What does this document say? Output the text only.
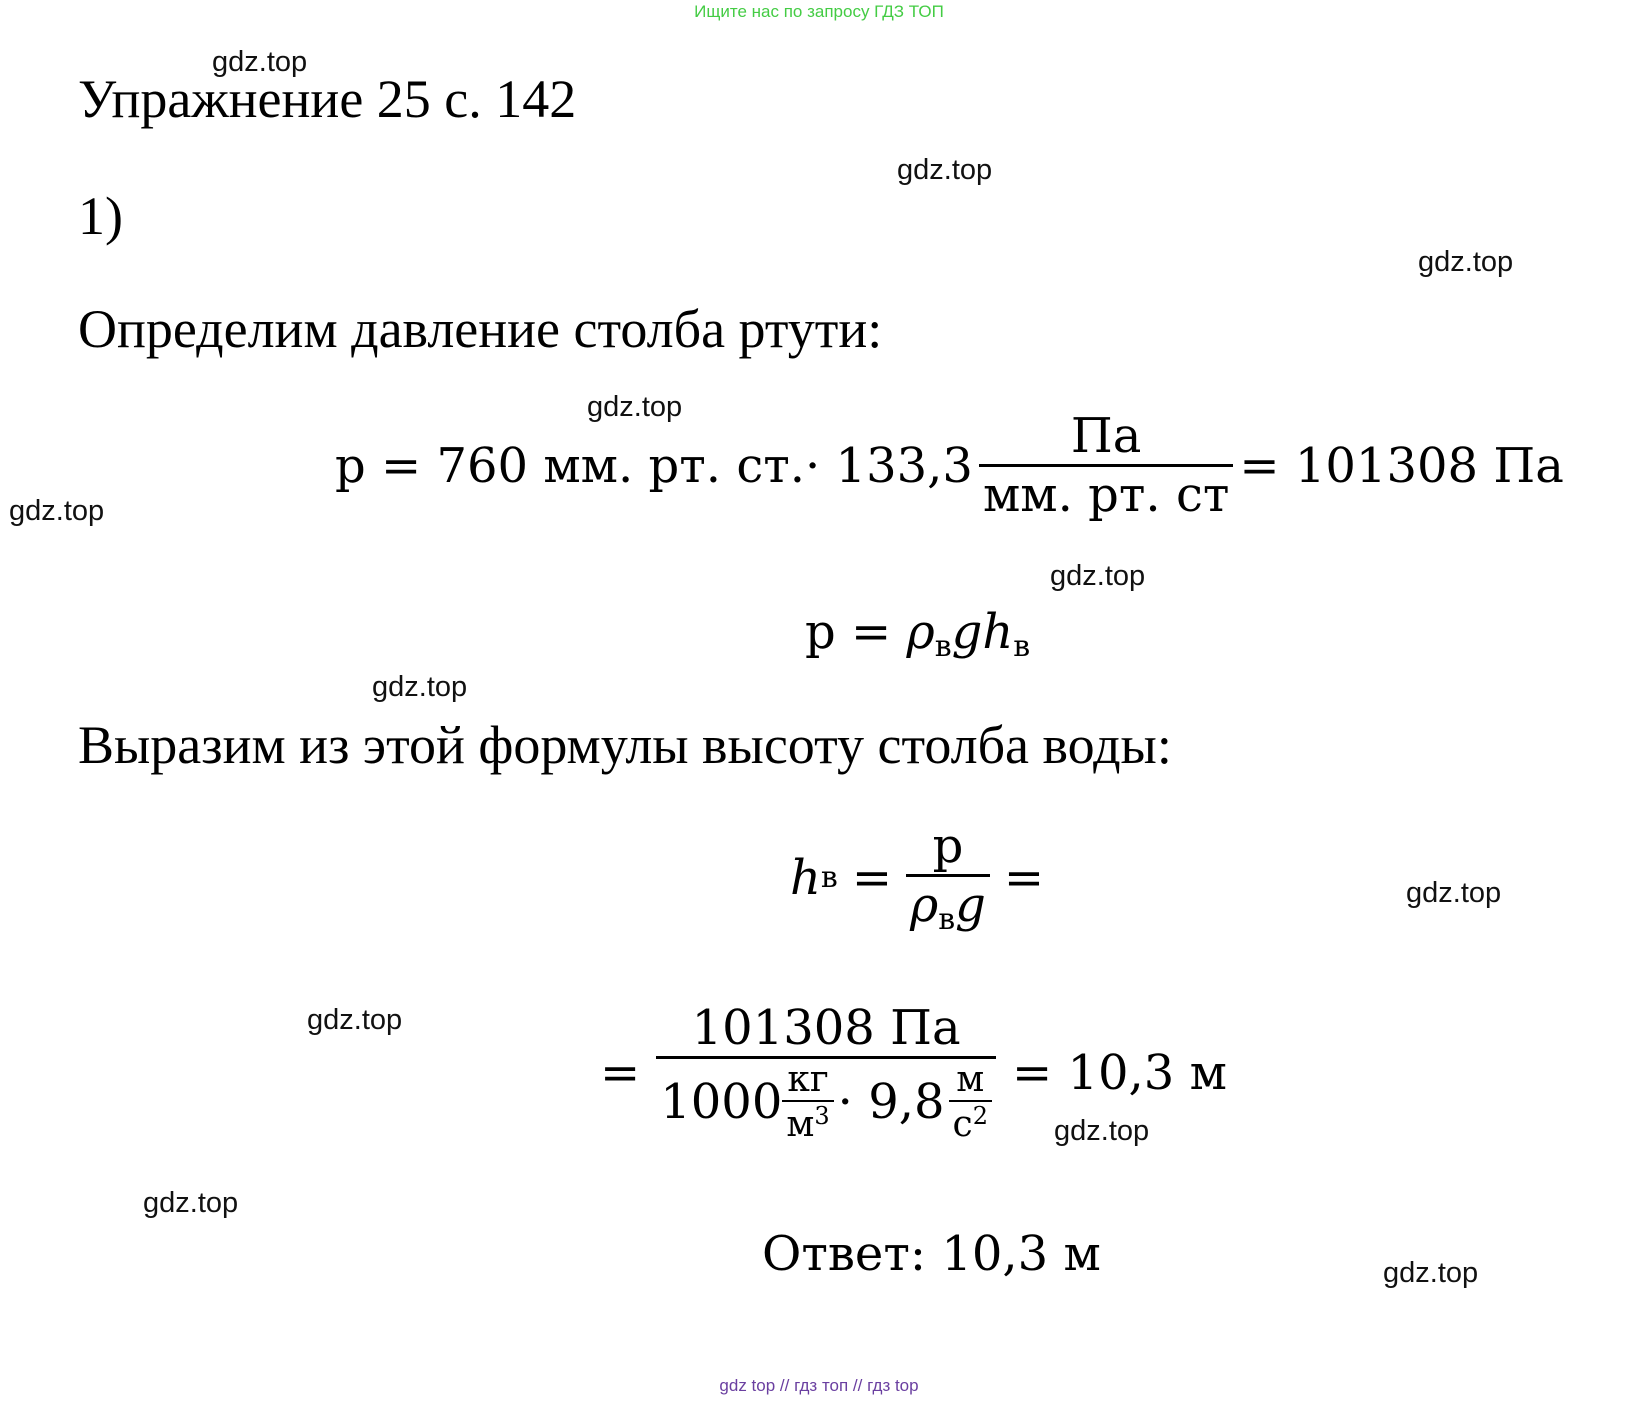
Ищите нас по запросу ГДЗ ТОП
gdz.top
gdz.top
gdz.top
gdz.top
gdz.top
gdz.top
gdz.top
gdz.top
gdz.top
gdz.top
gdz.top
gdz.top
Упражнение 25 с. 142
1)
Определим давление столба ртути:
p = 760 мм. рт. $ст.\cdot 133,3 \frac{Па}{мм. рт. ст} = 101308$ Па
$p = \rho_вgh_в$
Выразим из этой формулы высоту столба воды:
h $в = \frac{p}{\rho_вg}$ =
=
101308 Па
$1000 \frac{кг}{м^3} \cdot 9,8 \frac{м}{с^2} = 10,3$ м
Ответ: 10,3 м
gdz top // гдз топ // гдз top
